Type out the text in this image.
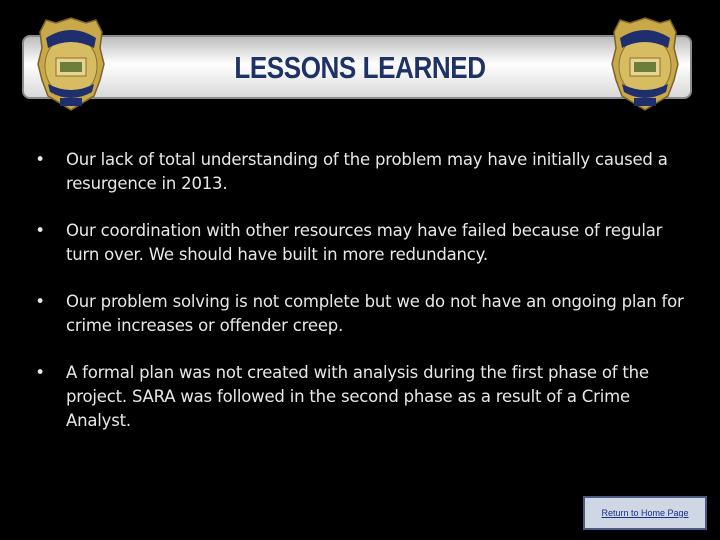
LESSONS LEARNED
•	Our lack of total understanding of the problem may have initially caused a resurgence in 2013.
•	Our coordination with other resources may have failed because of regular turn over. We should have built in more redundancy.
•	Our problem solving is not complete but we do not have an ongoing plan for crime increases or offender creep.
•	A formal plan was not created with analysis during the first phase of the project. SARA was followed in the second phase as a result of a Crime Analyst.
Return to Home Page
